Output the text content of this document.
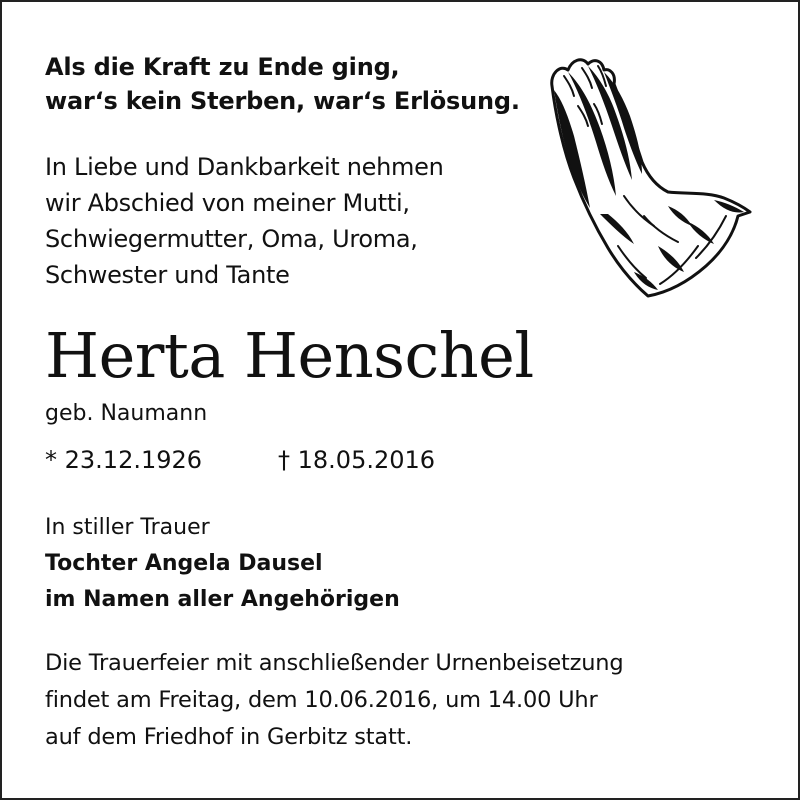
Als die Kraft zu Ende ging,
war‘s kein Sterben, war‘s Erlösung.
In Liebe und Dankbarkeit nehmen
wir Abschied von meiner Mutti,
Schwiegermutter, Oma, Uroma,
Schwester und Tante
Herta Henschel
geb. Naumann
* 23.12.1926	† 18.05.2016
In stiller Trauer
Tochter Angela Dausel
im Namen aller Angehörigen
Die Trauerfeier mit anschließender Urnenbeisetzung
findet am Freitag, dem 10.06.2016, um 14.00 Uhr
auf dem Friedhof in Gerbitz statt.
